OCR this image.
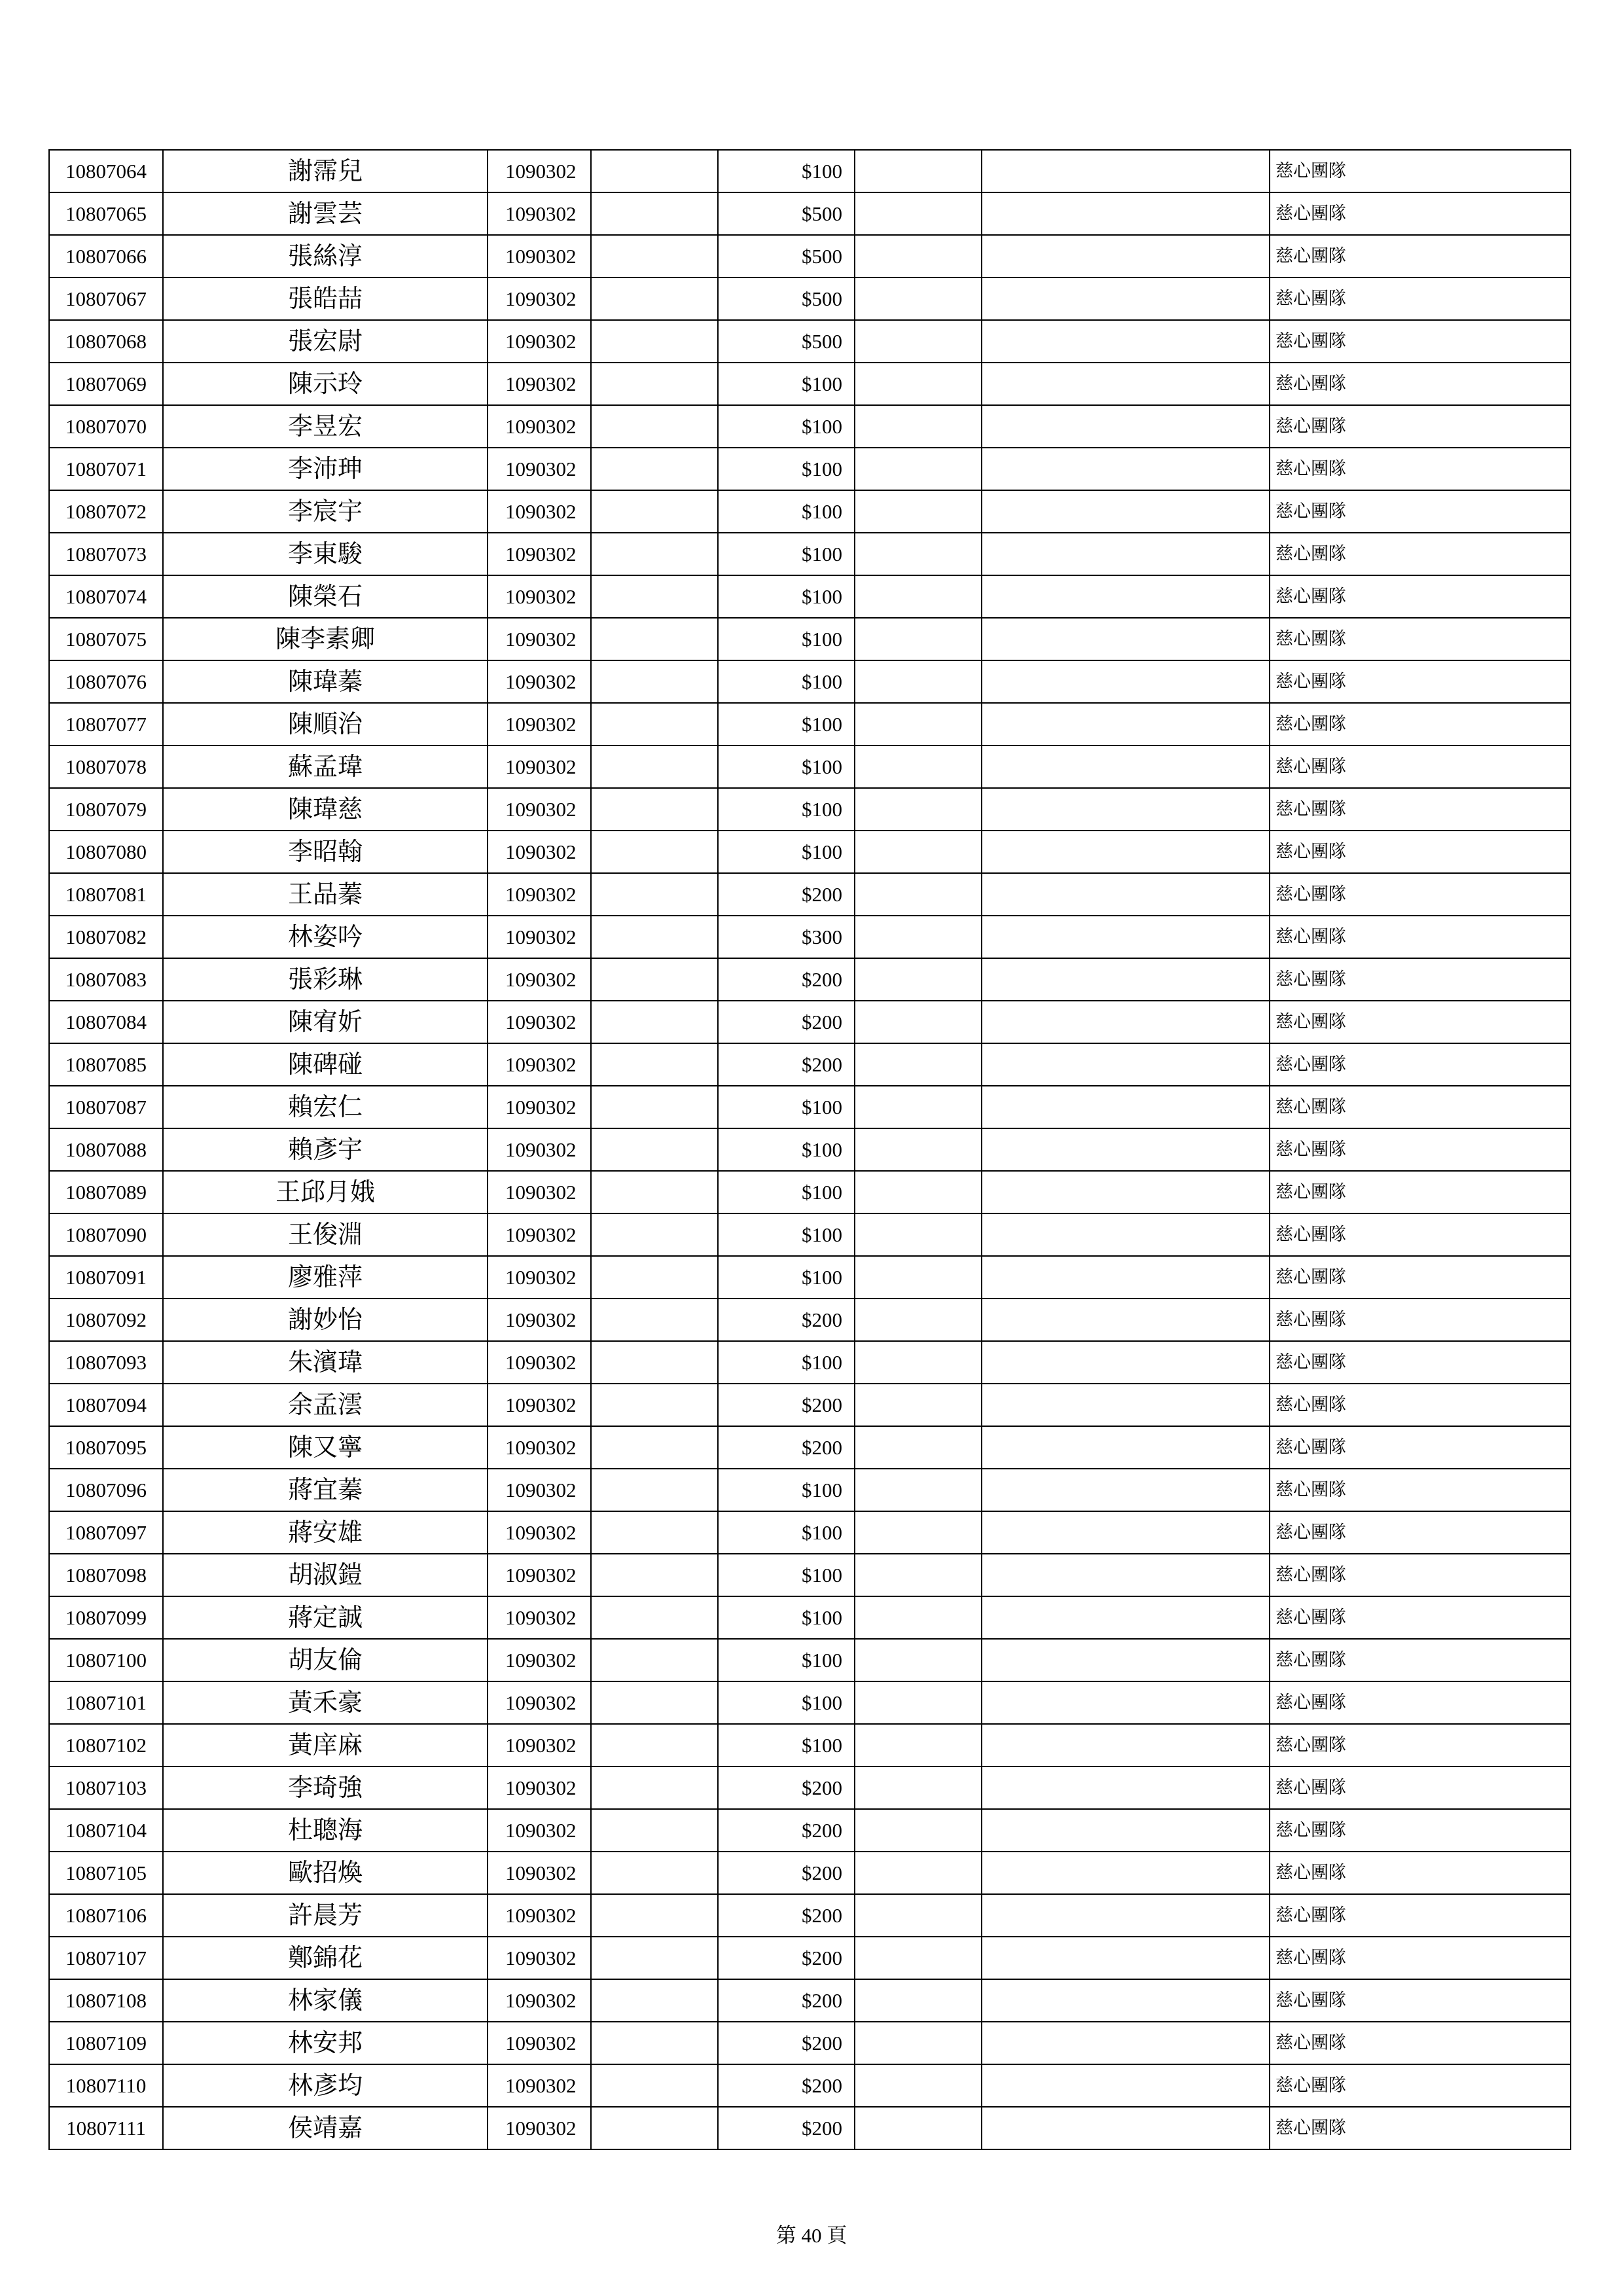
10807064	謝霈兒	1090302		$100			慈心團隊
10807065	謝雲芸	1090302		$500			慈心團隊
10807066	張絲淳	1090302		$500			慈心團隊
10807067	張皓喆	1090302		$500			慈心團隊
10807068	張宏尉	1090302		$500			慈心團隊
10807069	陳示玲	1090302		$100			慈心團隊
10807070	李昱宏	1090302		$100			慈心團隊
10807071	李沛珅	1090302		$100			慈心團隊
10807072	李宸宇	1090302		$100			慈心團隊
10807073	李東駿	1090302		$100			慈心團隊
10807074	陳榮石	1090302		$100			慈心團隊
10807075	陳李素卿	1090302		$100			慈心團隊
10807076	陳瑋蓁	1090302		$100			慈心團隊
10807077	陳順治	1090302		$100			慈心團隊
10807078	蘇孟瑋	1090302		$100			慈心團隊
10807079	陳瑋慈	1090302		$100			慈心團隊
10807080	李昭翰	1090302		$100			慈心團隊
10807081	王品蓁	1090302		$200			慈心團隊
10807082	林姿吟	1090302		$300			慈心團隊
10807083	張彩琳	1090302		$200			慈心團隊
10807084	陳宥妡	1090302		$200			慈心團隊
10807085	陳碑碰	1090302		$200			慈心團隊
10807087	賴宏仁	1090302		$100			慈心團隊
10807088	賴彥宇	1090302		$100			慈心團隊
10807089	王邱月娥	1090302		$100			慈心團隊
10807090	王俊淵	1090302		$100			慈心團隊
10807091	廖雅萍	1090302		$100			慈心團隊
10807092	謝妙怡	1090302		$200			慈心團隊
10807093	朱濱瑋	1090302		$100			慈心團隊
10807094	余孟澐	1090302		$200			慈心團隊
10807095	陳又寧	1090302		$200			慈心團隊
10807096	蔣宜蓁	1090302		$100			慈心團隊
10807097	蔣安雄	1090302		$100			慈心團隊
10807098	胡淑鎧	1090302		$100			慈心團隊
10807099	蔣定誠	1090302		$100			慈心團隊
10807100	胡友倫	1090302		$100			慈心團隊
10807101	黃禾豪	1090302		$100			慈心團隊
10807102	黃庠麻	1090302		$100			慈心團隊
10807103	李琦強	1090302		$200			慈心團隊
10807104	杜聰海	1090302		$200			慈心團隊
10807105	歐招煥	1090302		$200			慈心團隊
10807106	許晨芳	1090302		$200			慈心團隊
10807107	鄭錦花	1090302		$200			慈心團隊
10807108	林家儀	1090302		$200			慈心團隊
10807109	林安邦	1090302		$200			慈心團隊
10807110	林彥均	1090302		$200			慈心團隊
10807111	侯靖嘉	1090302		$200			慈心團隊
第 40 頁
